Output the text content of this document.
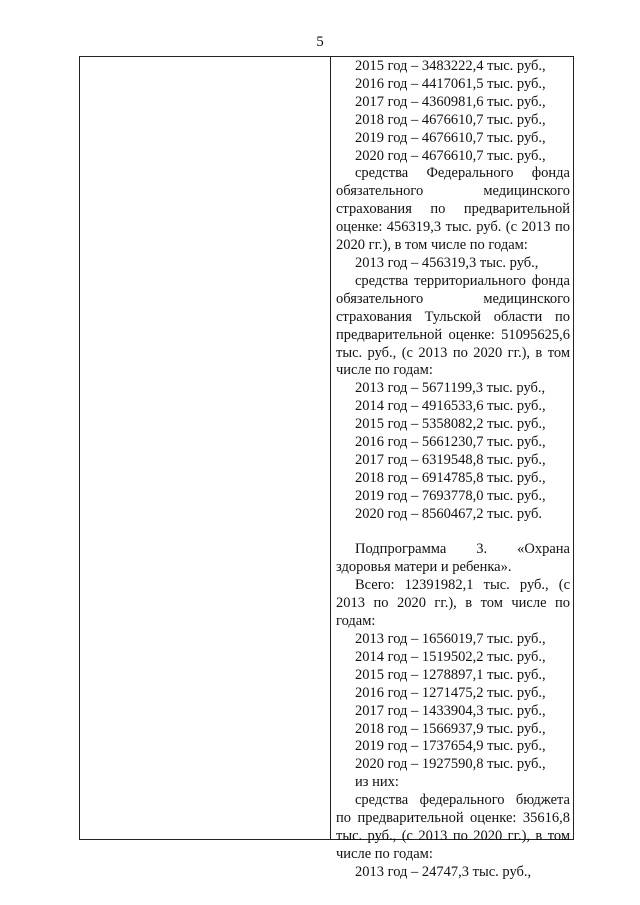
5

2015 год – 3483222,4 тыс. руб.,

2016 год – 4417061,5 тыс. руб.,

2017 год – 4360981,6 тыс. руб.,

2018 год – 4676610,7 тыс. руб.,

2019 год – 4676610,7 тыс. руб.,

2020 год – 4676610,7 тыс. руб.,

средства Федерального фонда обязательного медицинского страхования по предварительной оценке: 456319,3 тыс. руб. (с 2013 по 2020 гг.), в том числе по годам:

2013 год – 456319,3 тыс. руб.,

средства территориального фонда обязательного медицинского страхования Тульской области по предварительной оценке: 51095625,6 тыс. руб., (с 2013 по 2020 гг.), в том числе по годам:

2013 год – 5671199,3 тыс. руб.,

2014 год – 4916533,6 тыс. руб.,

2015 год – 5358082,2 тыс. руб.,

2016 год – 5661230,7 тыс. руб.,

2017 год – 6319548,8 тыс. руб.,

2018 год – 6914785,8 тыс. руб.,

2019 год – 7693778,0 тыс. руб.,

2020 год – 8560467,2 тыс. руб.

Подпрограмма 3. «Охрана здоровья матери и ребенка».

Всего: 12391982,1 тыс. руб., (с 2013 по 2020 гг.), в том числе по годам:

2013 год – 1656019,7 тыс. руб.,

2014 год – 1519502,2 тыс. руб.,

2015 год – 1278897,1 тыс. руб.,

2016 год – 1271475,2 тыс. руб.,

2017 год – 1433904,3 тыс. руб.,

2018 год – 1566937,9 тыс. руб.,

2019 год – 1737654,9 тыс. руб.,

2020 год – 1927590,8 тыс. руб.,

из них:

средства федерального бюджета по предварительной оценке: 35616,8 тыс. руб., (с 2013 по 2020 гг.), в том числе по годам:

2013 год – 24747,3 тыс. руб.,
